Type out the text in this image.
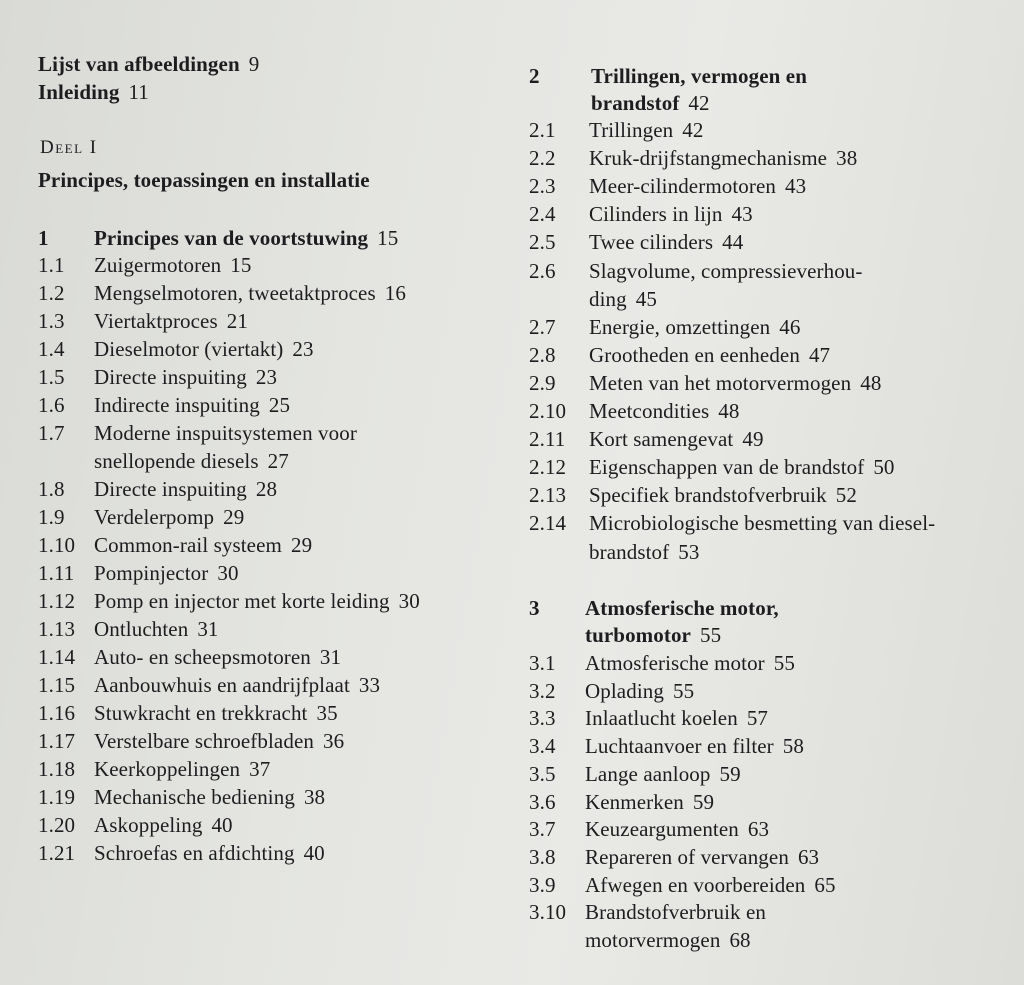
Lijst van afbeeldingen 9
Inleiding 11
Deel I
Principes, toepassingen en installatie
1 Principes van de voortstuwing 15
1.1 Zuigermotoren 15
1.2 Mengselmotoren, tweetaktproces 16
1.3 Viertaktproces 21
1.4 Dieselmotor (viertakt) 23
1.5 Directe inspuiting 23
1.6 Indirecte inspuiting 25
1.7 Moderne inspuitsystemen voor
snellopende diesels 27
1.8 Directe inspuiting 28
1.9 Verdelerpomp 29
1.10 Common-rail systeem 29
1.11 Pompinjector 30
1.12 Pomp en injector met korte leiding 30
1.13 Ontluchten 31
1.14 Auto- en scheepsmotoren 31
1.15 Aanbouwhuis en aandrijfplaat 33
1.16 Stuwkracht en trekkracht 35
1.17 Verstelbare schroefbladen 36
1.18 Keerkoppelingen 37
1.19 Mechanische bediening 38
1.20 Askoppeling 40
1.21 Schroefas en afdichting 40
2 Trillingen, vermogen en
brandstof 42
2.1 Trillingen 42
2.2 Kruk-drijfstangmechanisme 38
2.3 Meer-cilindermotoren 43
2.4 Cilinders in lijn 43
2.5 Twee cilinders 44
2.6 Slagvolume, compressieverhou-
ding 45
2.7 Energie, omzettingen 46
2.8 Grootheden en eenheden 47
2.9 Meten van het motorvermogen 48
2.10 Meetcondities 48
2.11 Kort samengevat 49
2.12 Eigenschappen van de brandstof 50
2.13 Specifiek brandstofverbruik 52
2.14 Microbiologische besmetting van diesel-
brandstof 53
3 Atmosferische motor,
turbomotor 55
3.1 Atmosferische motor 55
3.2 Oplading 55
3.3 Inlaatlucht koelen 57
3.4 Luchtaanvoer en filter 58
3.5 Lange aanloop 59
3.6 Kenmerken 59
3.7 Keuzeargumenten 63
3.8 Repareren of vervangen 63
3.9 Afwegen en voorbereiden 65
3.10 Brandstofverbruik en
motorvermogen 68
